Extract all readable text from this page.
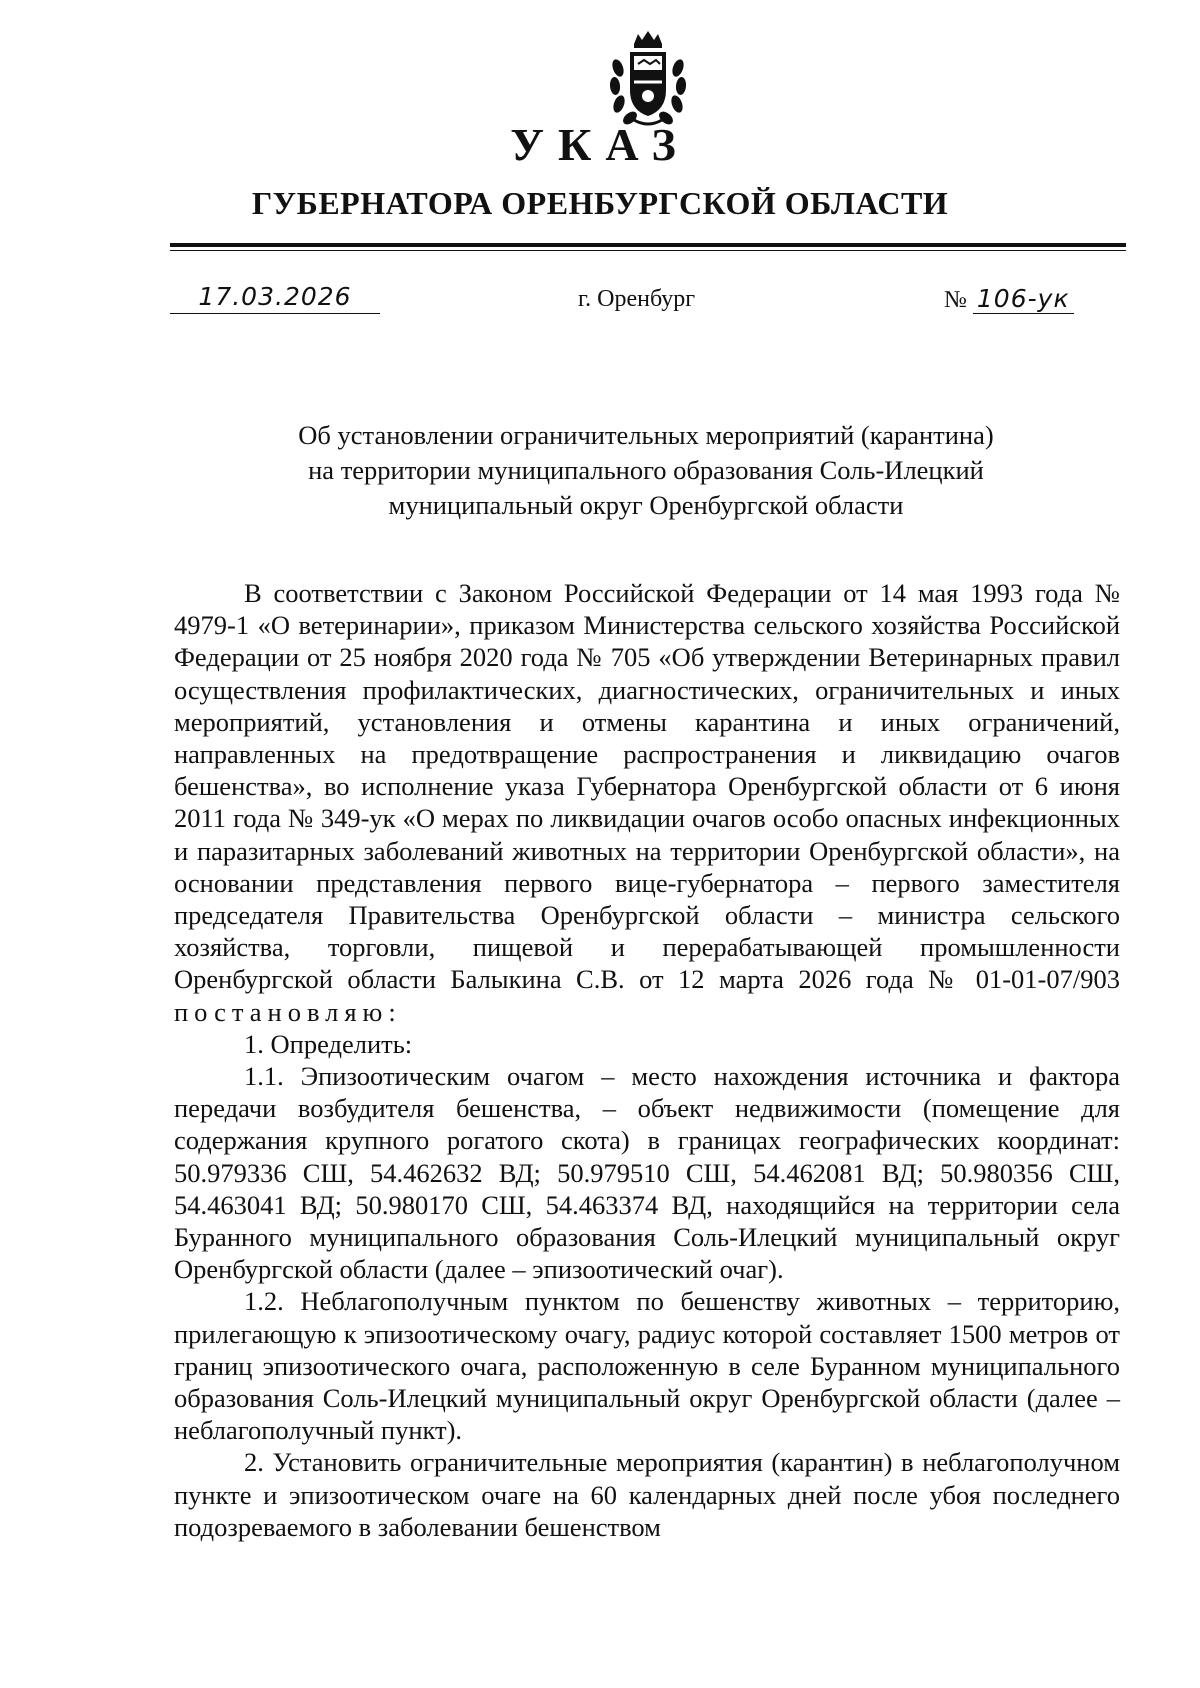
УКАЗ
ГУБЕРНАТОРА ОРЕНБУРГСКОЙ ОБЛАСТИ
17.03.2026	г. Оренбург	№ 106-ук
Об установлении ограничительных мероприятий (карантина)
на территории муниципального образования Соль-Илецкий
муниципальный округ Оренбургской области

В соответствии с Законом Российской Федерации от 14 мая 1993 года № 4979-1 «О ветеринарии», приказом Министерства сельского хозяйства Российской Федерации от 25 ноября 2020 года № 705 «Об утверждении Ветеринарных правил осуществления профилактических, диагностических, ограничительных и иных мероприятий, установления и отмены карантина и иных ограничений, направленных на предотвращение распространения и ликвидацию очагов бешенства», во исполнение указа Губернатора Оренбургской области от 6 июня 2011 года № 349-ук «О мерах по ликвидации очагов особо опасных инфекционных и паразитарных заболеваний животных на территории Оренбургской области», на основании представления первого вице-губернатора – первого заместителя председателя Правительства Оренбургской области – министра сельского хозяйства, торговли, пищевой и перерабатывающей промышленности Оренбургской области Балыкина С.В. от 12 марта 2026 года № 01-01-07/903 постановляю:

1. Определить:

1.1. Эпизоотическим очагом – место нахождения источника и фактора передачи возбудителя бешенства, – объект недвижимости (помещение для содержания крупного рогатого скота) в границах географических координат: 50.979336 СШ, 54.462632 ВД; 50.979510 СШ, 54.462081 ВД; 50.980356 СШ, 54.463041 ВД; 50.980170 СШ, 54.463374 ВД, находящийся на территории села Буранного муниципального образования Соль-Илецкий муниципальный округ Оренбургской области (далее – эпизоотический очаг).

1.2. Неблагополучным пунктом по бешенству животных – территорию, прилегающую к эпизоотическому очагу, радиус которой составляет 1500 метров от границ эпизоотического очага, расположенную в селе Буранном муниципального образования Соль-Илецкий муниципальный округ Оренбургской области (далее – неблагополучный пункт).

2. Установить ограничительные мероприятия (карантин) в неблагополучном пункте и эпизоотическом очаге на 60 календарных дней после убоя последнего подозреваемого в заболевании бешенством
